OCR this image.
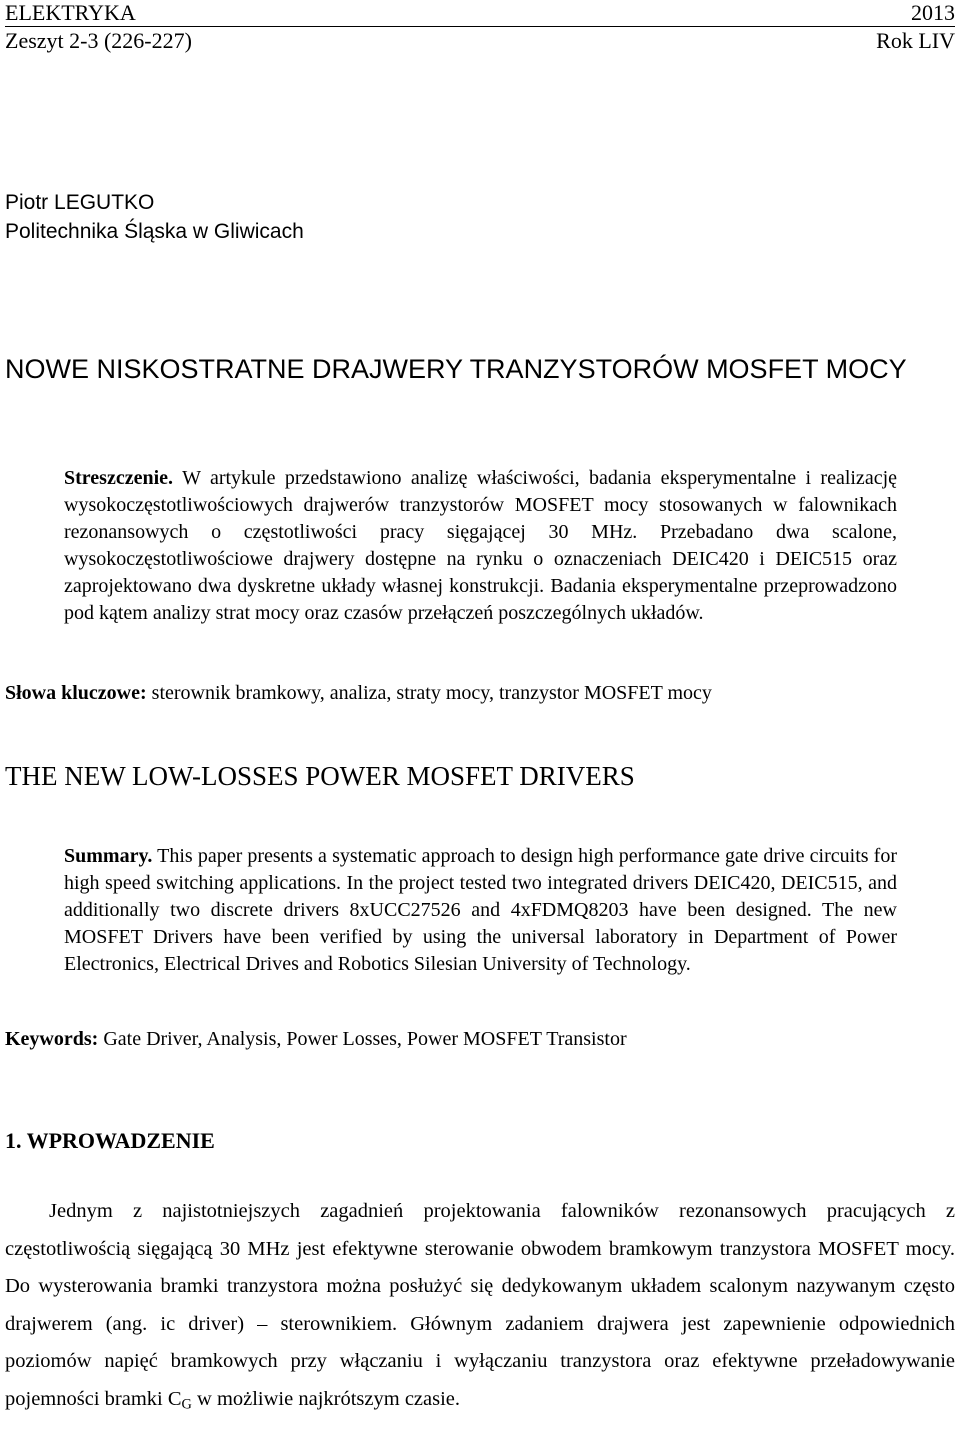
ELEKTRYKA	2013
Zeszyt 2-3 (226-227)	Rok LIV
Piotr LEGUTKO
Politechnika Śląska w Gliwicach
NOWE NISKOSTRATNE DRAJWERY TRANZYSTORÓW MOSFET MOCY
Streszczenie. W artykule przedstawiono analizę właściwości, badania eksperymentalne i realizację wysokoczęstotliwościowych drajwerów tranzystorów MOSFET mocy stosowanych w falownikach rezonansowych o częstotliwości pracy sięgającej 30 MHz. Przebadano dwa scalone, wysokoczęstotliwościowe drajwery dostępne na rynku o oznaczeniach DEIC420 i DEIC515 oraz zaprojektowano dwa dyskretne układy własnej konstrukcji. Badania eksperymentalne przeprowadzono pod kątem analizy strat mocy oraz czasów przełączeń poszczególnych układów.
Słowa kluczowe: sterownik bramkowy, analiza, straty mocy, tranzystor MOSFET mocy
THE NEW LOW-LOSSES POWER MOSFET DRIVERS
Summary. This paper presents a systematic approach to design high performance gate drive circuits for high speed switching applications. In the project tested two integrated drivers DEIC420, DEIC515, and additionally two discrete drivers 8xUCC27526 and 4xFDMQ8203 have been designed. The new MOSFET Drivers have been verified by using the universal laboratory in Department of Power Electronics, Electrical Drives and Robotics Silesian University of Technology.
Keywords: Gate Driver, Analysis, Power Losses, Power MOSFET Transistor
1. WPROWADZENIE
Jednym z najistotniejszych zagadnień projektowania falowników rezonansowych pracujących z częstotliwością sięgającą 30 MHz jest efektywne sterowanie obwodem bramkowym tranzystora MOSFET mocy. Do wysterowania bramki tranzystora można posłużyć się dedykowanym układem scalonym nazywanym często drajwerem (ang. ic driver) – sterownikiem. Głównym zadaniem drajwera jest zapewnienie odpowiednich poziomów napięć bramkowych przy włączaniu i wyłączaniu tranzystora oraz efektywne przeładowywanie pojemności bramki $C_G$ w możliwie najkrótszym czasie.
